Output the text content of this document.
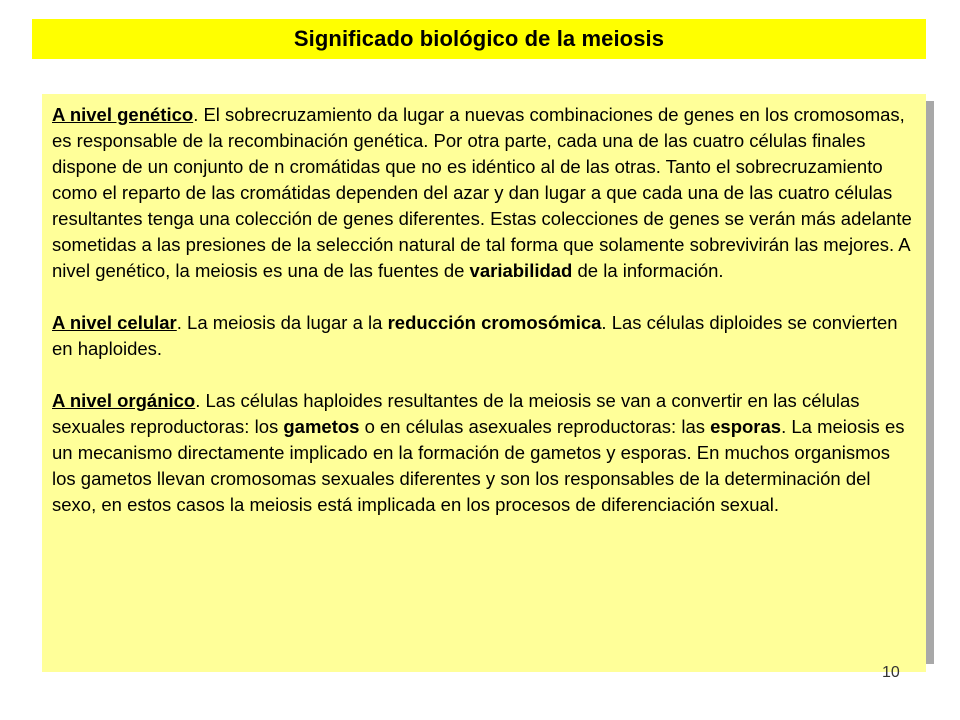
Significado biológico de la meiosis

A nivel genético. El sobrecruzamiento da lugar a nuevas combinaciones de genes en los cromosomas, es responsable de la recombinación genética. Por otra parte, cada una de las cuatro células finales dispone de un conjunto de n cromátidas que no es idéntico al de las otras. Tanto el sobrecruzamiento como el reparto de las cromátidas dependen del azar y dan lugar a que cada una de las cuatro células resultantes tenga una colección de genes diferentes. Estas colecciones de genes se verán más adelante sometidas a las presiones de la selección natural de tal forma que solamente sobrevivirán las mejores. A nivel genético, la meiosis es una de las fuentes de variabilidad de la información.

A nivel celular. La meiosis da lugar a la reducción cromosómica. Las células diploides se convierten en haploides.

A nivel orgánico. Las células haploides resultantes de la meiosis se van a convertir en las células sexuales reproductoras: los gametos o en células asexuales reproductoras: las esporas. La meiosis es un mecanismo directamente implicado en la formación de gametos y esporas. En muchos organismos los gametos llevan cromosomas sexuales diferentes y son los responsables de la determinación del sexo, en estos casos la meiosis está implicada en los procesos de diferenciación sexual.

10
